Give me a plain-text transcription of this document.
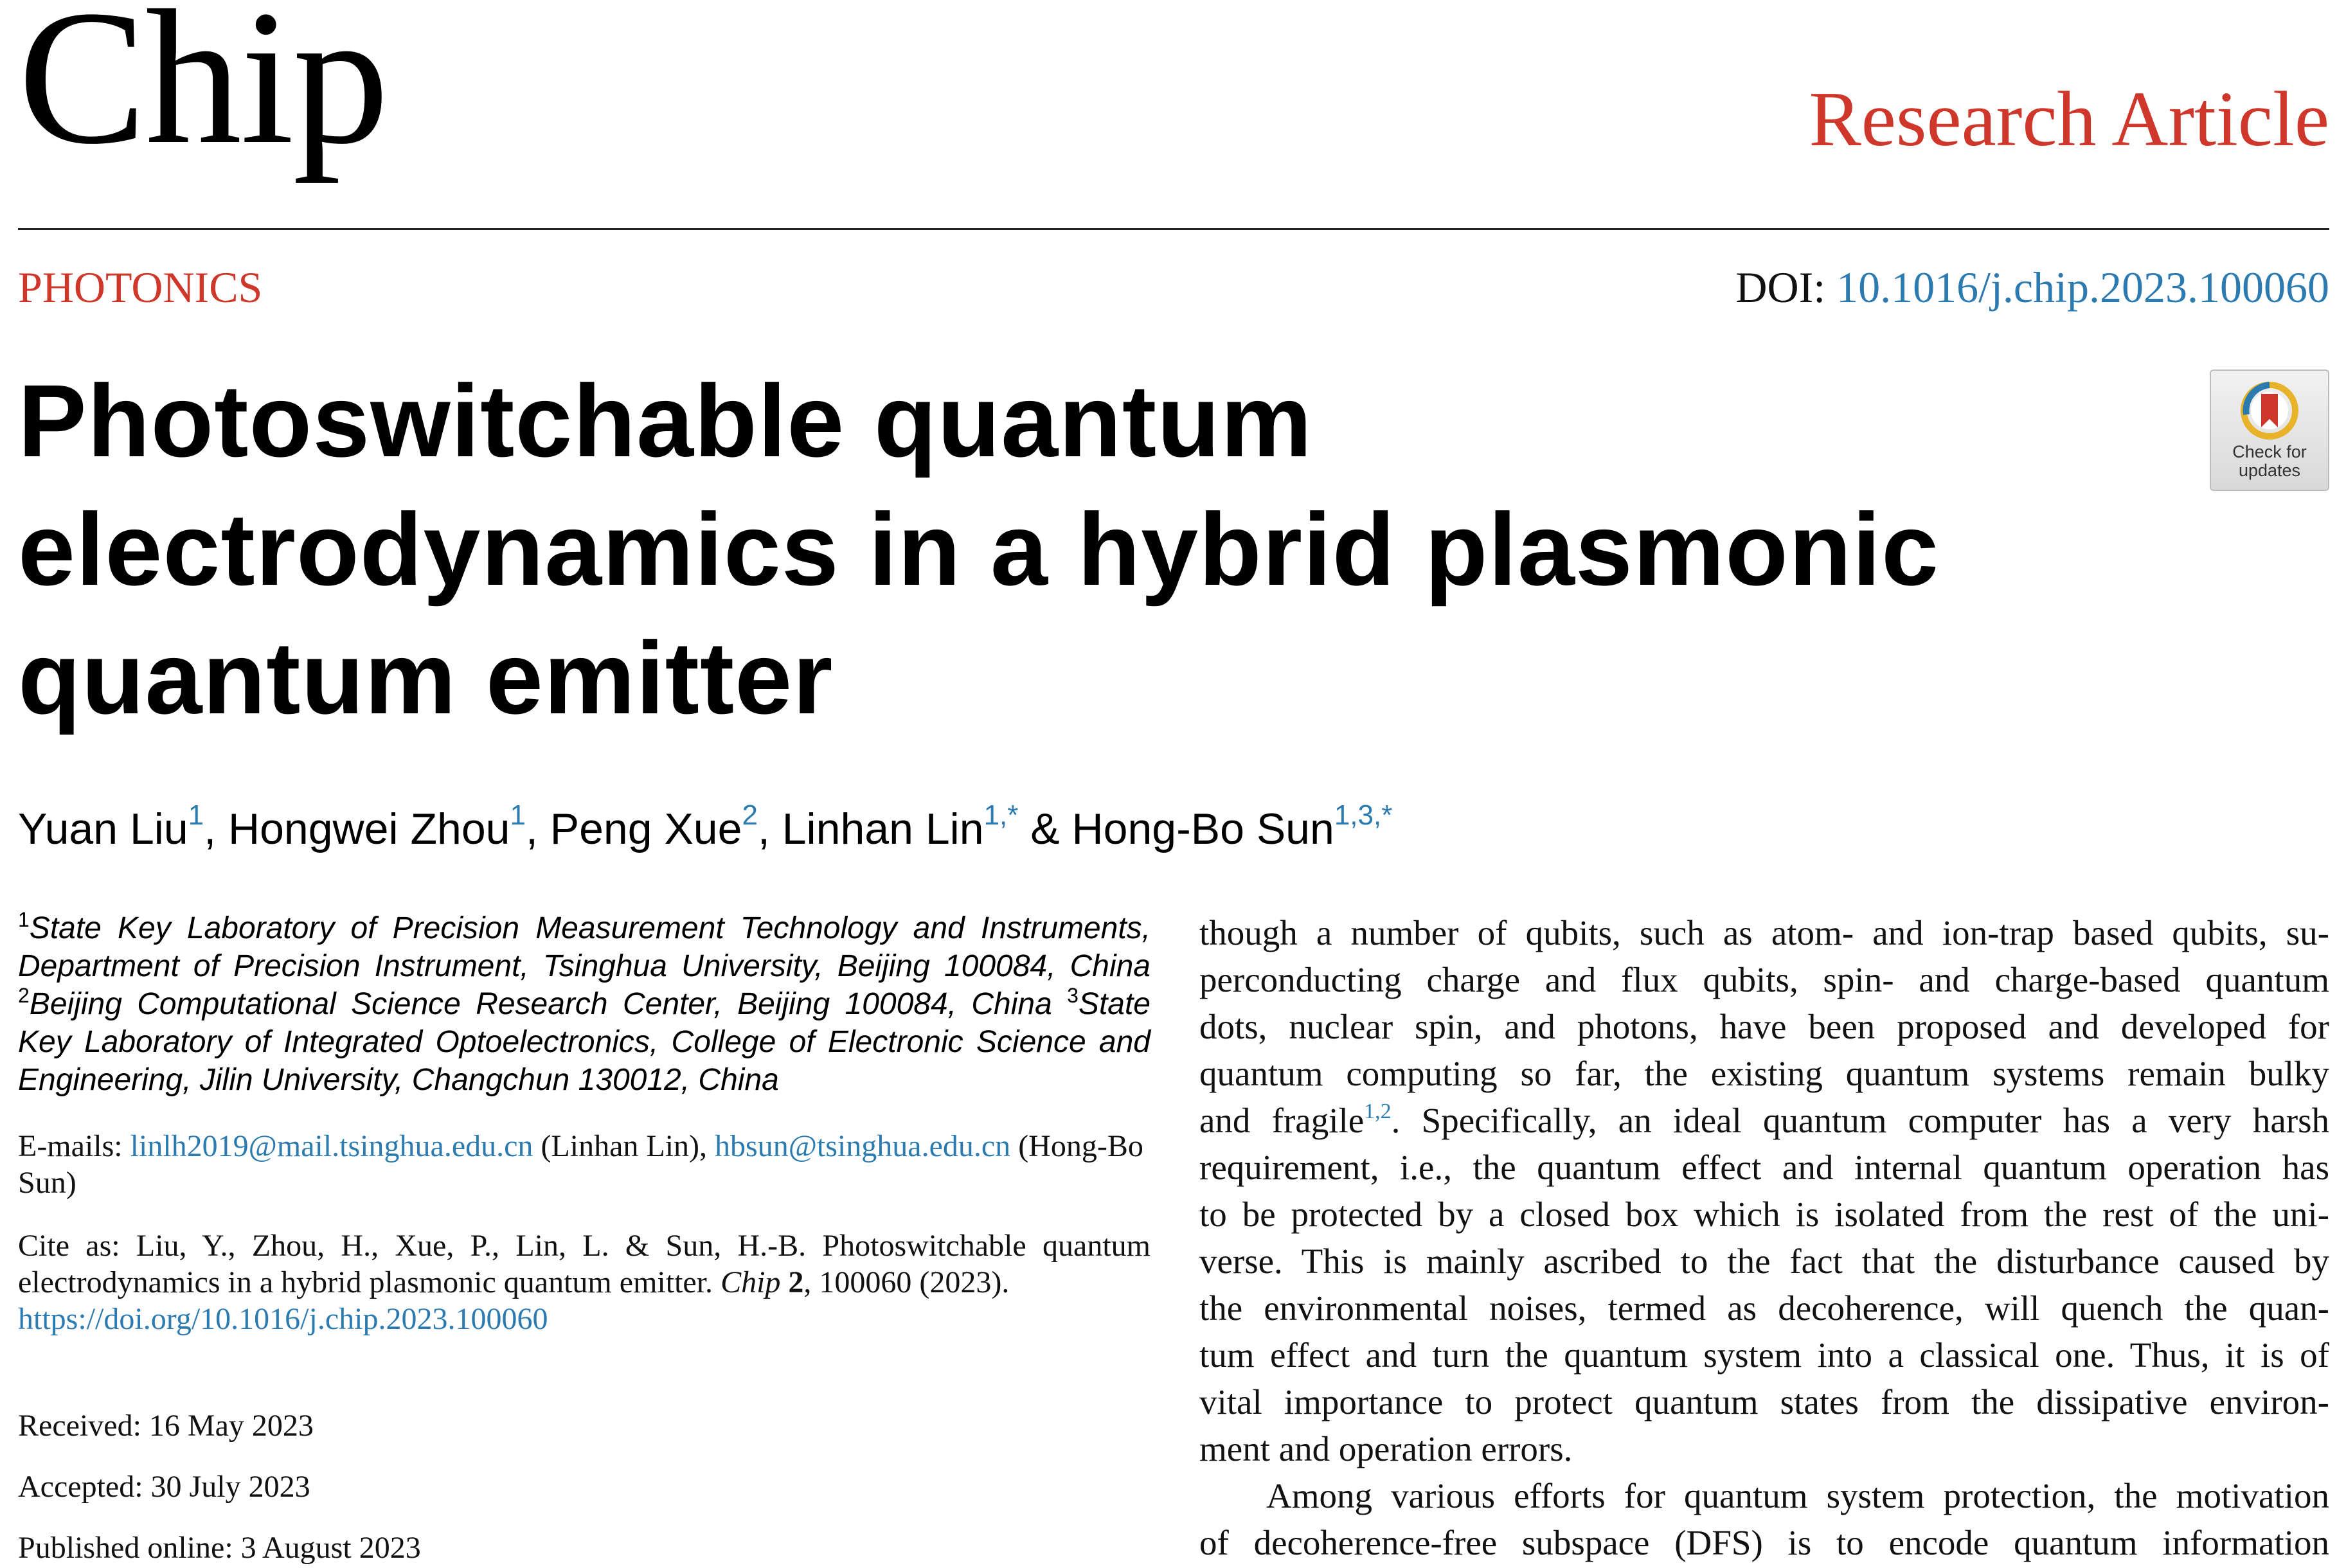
Chip	Research Article
PHOTONICS	DOI: 10.1016/j.chip.2023.100060
Photoswitchable quantum
electrodynamics in a hybrid plasmonic
quantum emitter
Check for
updates
Yuan Liu$^1$, Hongwei Zhou$^1$, Peng Xue$^2$, Linhan Lin$^{1,*}$ & Hong-Bo Sun$^{1,3,*}$
$^1$State Key Laboratory of Precision Measurement Technology and Instruments, Department of Precision Instrument, Tsinghua University, Beijing 100084, China $^2$Beijing Computational Science Research Center, Beijing 100084, China $^3$State Key Laboratory of Integrated Optoelectronics, College of Electronic Science and Engineering, Jilin University, Changchun 130012, China
E-mails: linlh2019@mail.tsinghua.edu.cn (Linhan Lin), hbsun@tsinghua.edu.cn (Hong-Bo Sun)
Cite as: Liu, Y., Zhou, H., Xue, P., Lin, L. & Sun, H.-B. Photoswitchable quantum electrodynamics in a hybrid plasmonic quantum emitter. Chip 2, 100060 (2023).
https://doi.org/10.1016/j.chip.2023.100060
Received: 16 May 2023
Accepted: 30 July 2023
Published online: 3 August 2023

though a number of qubits, such as atom- and ion-trap based qubits, su-

perconducting charge and flux qubits, spin- and charge-based quantum

dots, nuclear spin, and photons, have been proposed and developed for

quantum computing so far, the existing quantum systems remain bulky

and fragile$^{1,2}$. Specifically, an ideal quantum computer has a very harsh

requirement, i.e., the quantum effect and internal quantum operation has

to be protected by a closed box which is isolated from the rest of the uni-

verse. This is mainly ascribed to the fact that the disturbance caused by

the environmental noises, termed as decoherence, will quench the quan-

tum effect and turn the quantum system into a classical one. Thus, it is of

vital importance to protect quantum states from the dissipative environ-

ment and operation errors.

Among various efforts for quantum system protection, the motivation

of decoherence-free subspace (DFS) is to encode quantum information
